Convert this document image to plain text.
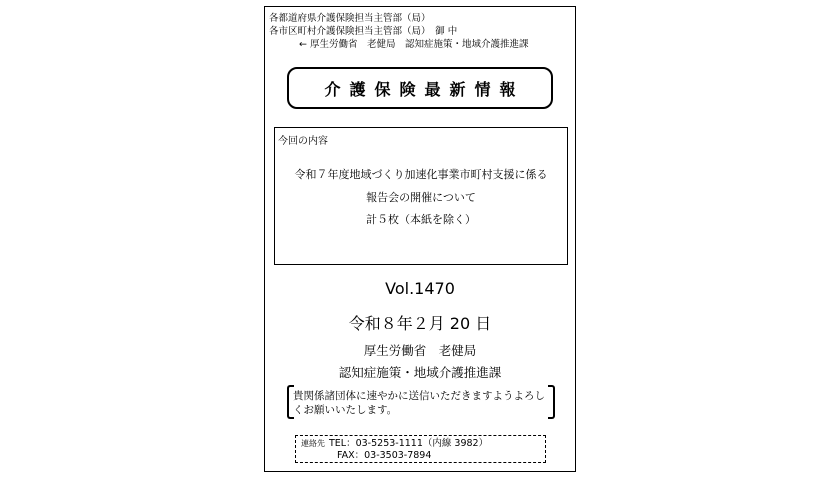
各都道府県介護保険担当主管部（局）
各市区町村介護保険担当主管部（局）　御 中
← 厚生労働省　老健局　認知症施策・地域介護推進課
介護保険最新情報
今回の内容
令和７年度地域づくり加速化事業市町村支援に係る
報告会の開催について
計５枚（本紙を除く）
Vol.1470
令和８年２月 20 日
厚生労働省　老健局
認知症施策・地域介護推進課
貴関係諸団体に速やかに送信いただきますようよろしくお願いいたします。
連絡先 TEL：03-5253-1111（内線 3982）
FAX：03-3503-7894
